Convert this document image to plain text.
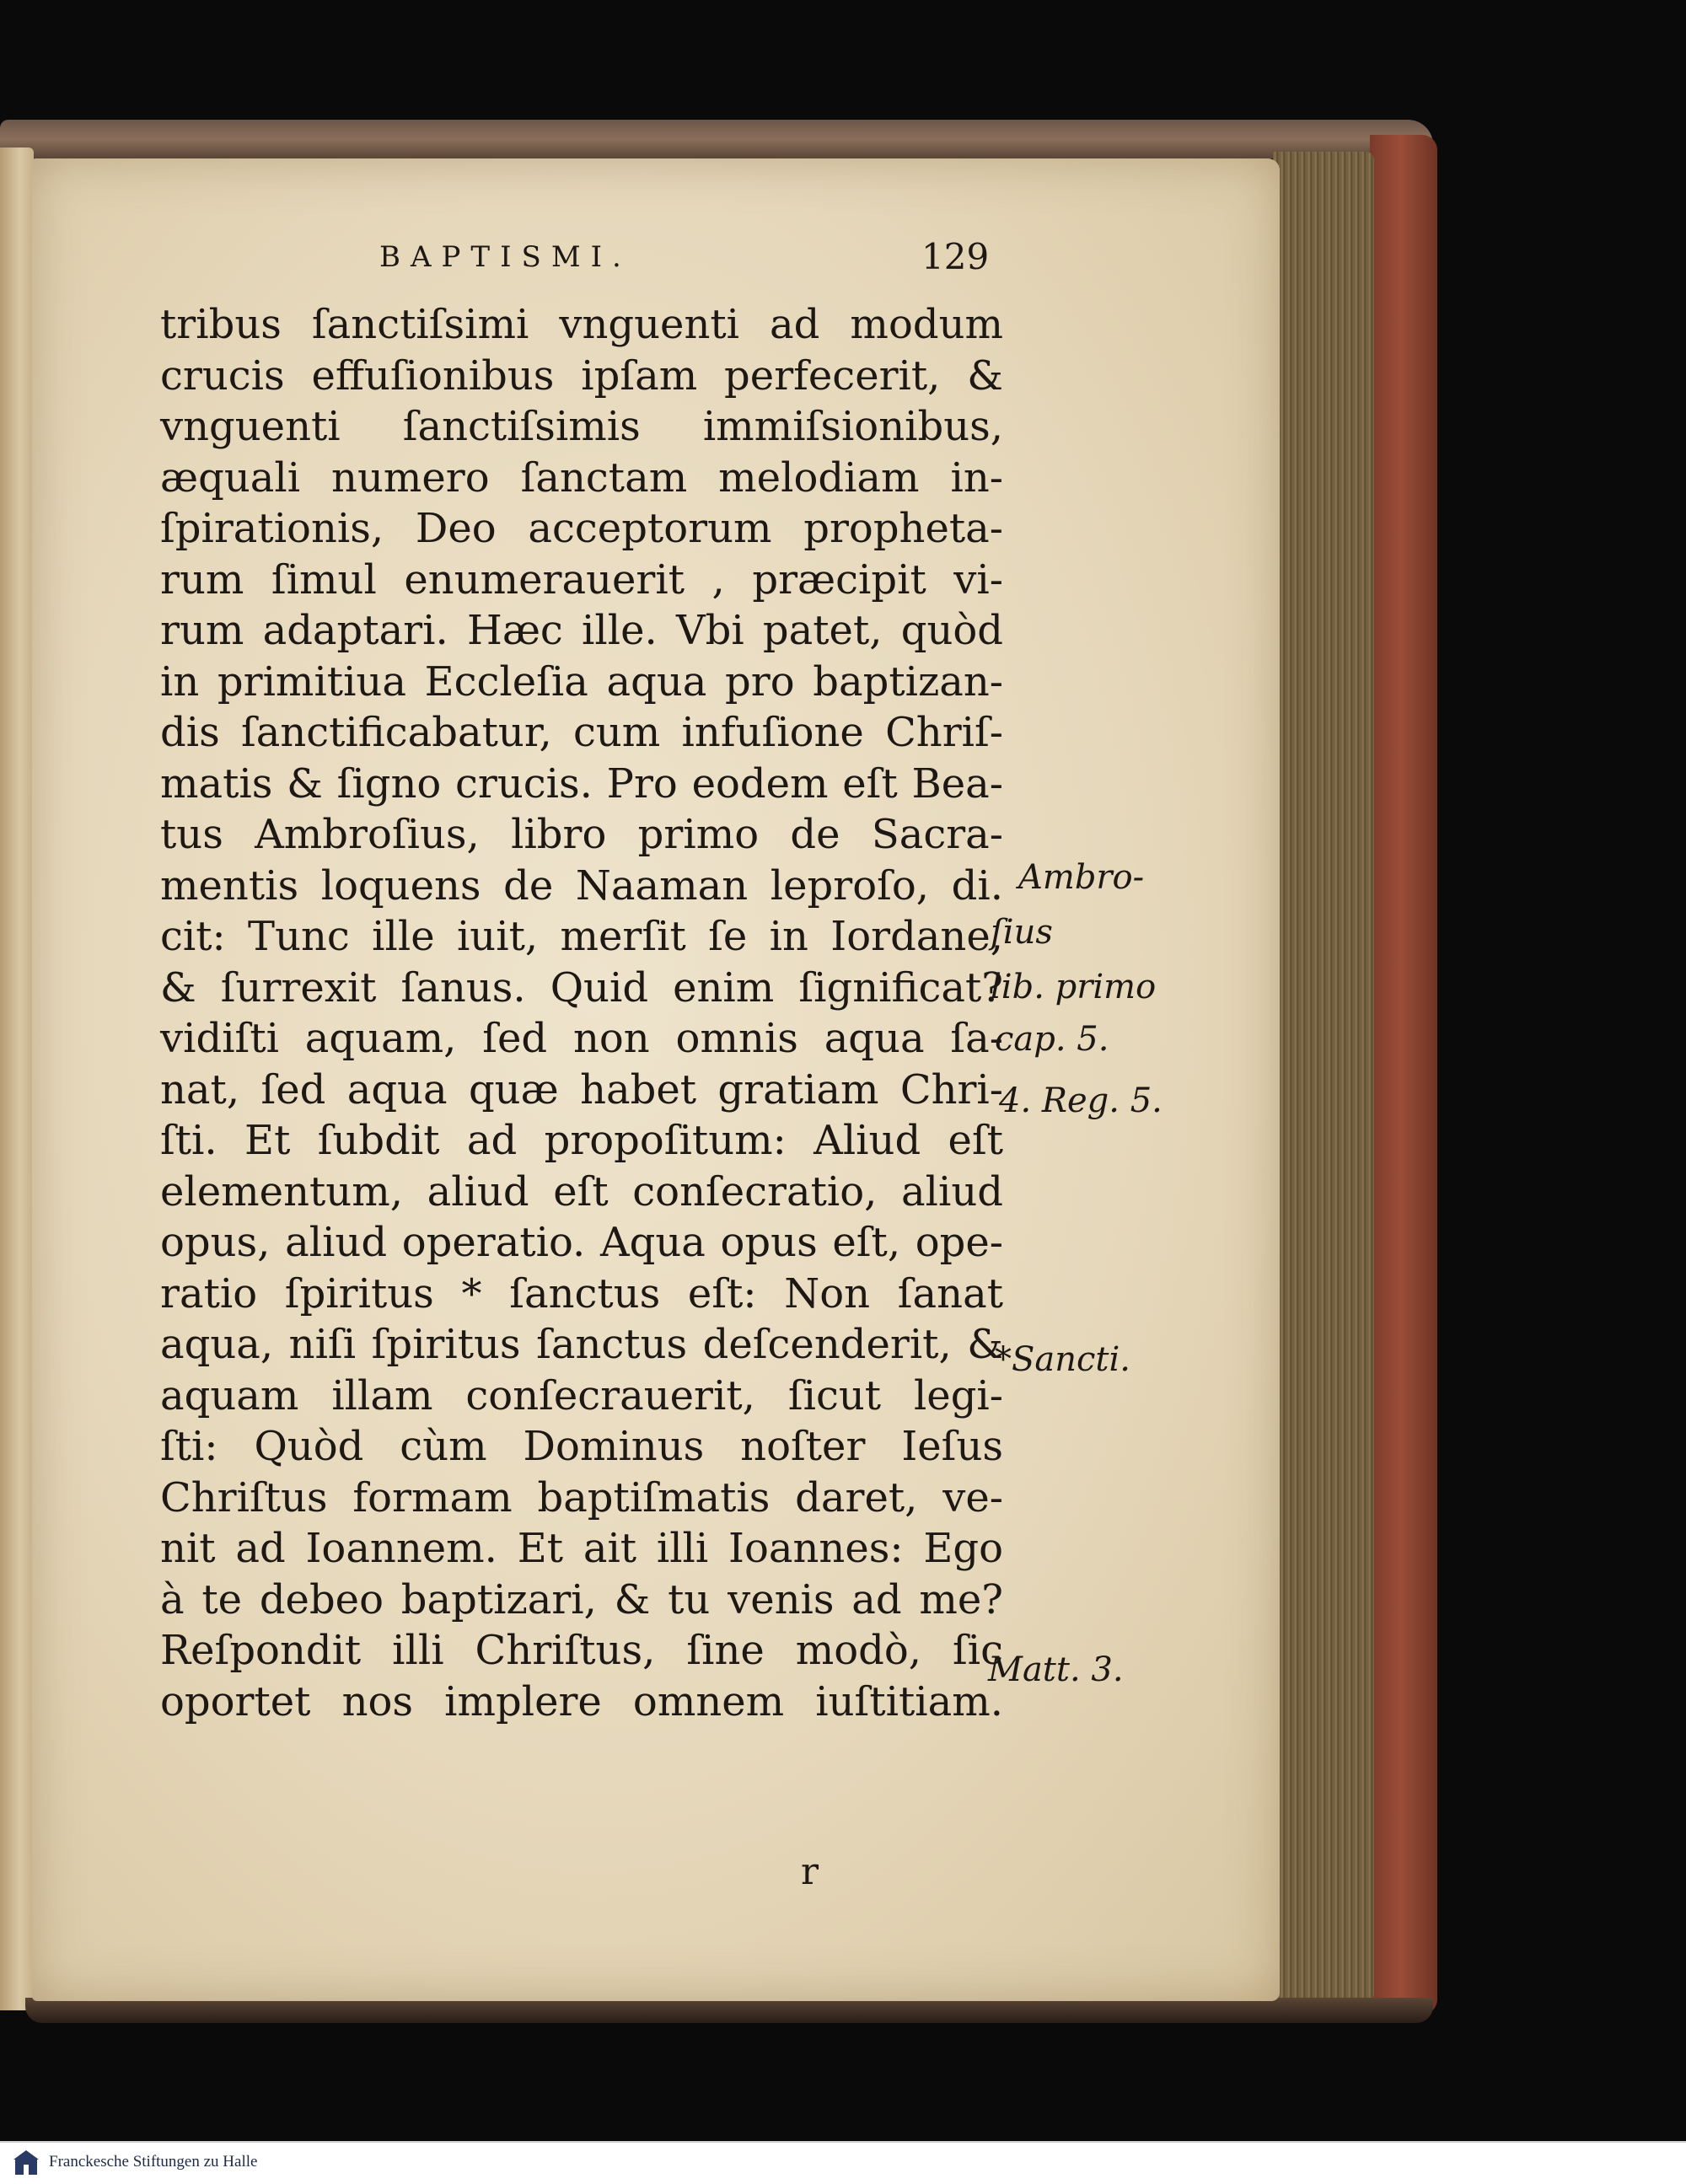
BAPTISMI.	129
tribus ſanctiſsimi vnguenti ad modum
crucis effuſionibus ipſam perfecerit, &
vnguenti ſanctiſsimis immiſsionibus,
æquali numero ſanctam melodiam in-
ſpirationis, Deo acceptorum propheta-
rum ſimul enumerauerit , præcipit vi-
rum adaptari. Hæc ille. Vbi patet, quòd
in primitiua Eccleſia aqua pro baptizan-
dis ſanctificabatur, cum infuſione Chriſ-
matis & ſigno crucis. Pro eodem eſt Bea-
tus Ambroſius, libro primo de Sacra-
mentis loquens de Naaman leproſo, di.
cit: Tunc ille iuit, merſit ſe in Iordane,
& ſurrexit ſanus. Quid enim ſignificat?
vidiſti aquam, ſed non omnis aqua ſa-
nat, ſed aqua quæ habet gratiam Chri-
ſti. Et ſubdit ad propoſitum: Aliud eſt
elementum, aliud eſt conſecratio, aliud
opus, aliud operatio. Aqua opus eſt, ope-
ratio ſpiritus * ſanctus eſt: Non ſanat
aqua, niſi ſpiritus ſanctus deſcenderit, &
aquam illam conſecrauerit, ſicut legi-
ſti: Quòd cùm Dominus noſter Ieſus
Chriſtus formam baptiſmatis daret, ve-
nit ad Ioannem. Et ait illi Ioannes: Ego
à te debeo baptizari, & tu venis ad me?
Reſpondit illi Chriſtus, ſine modò, ſic
oportet nos implere omnem iuſtitiam.
Ambro-
ſius
lib. primo
cap. 5.
4. Reg. 5.
*Sancti.
Matt. 3.
r
Franckesche Stiftungen zu Halle
